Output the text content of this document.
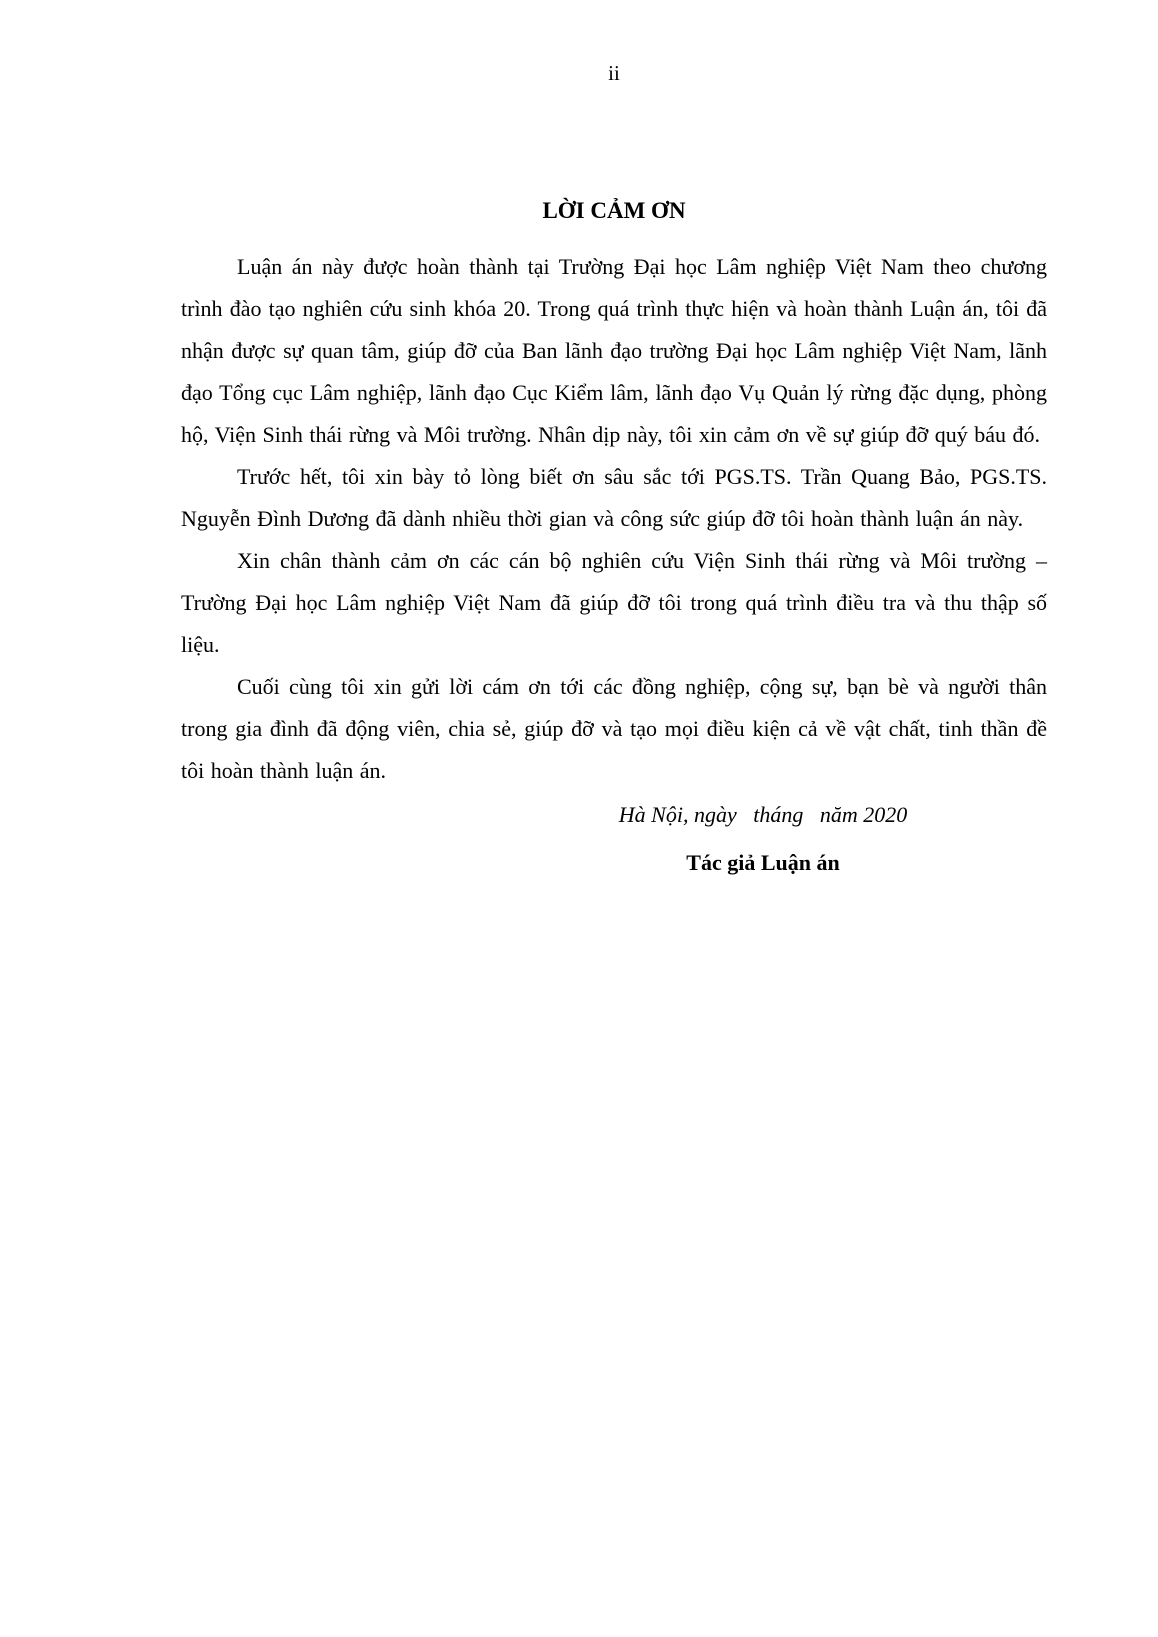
ii
LỜI CẢM ƠN

Luận án này được hoàn thành tại Trường Đại học Lâm nghiệp Việt Nam theo chương trình đào tạo nghiên cứu sinh khóa 20. Trong quá trình thực hiện và hoàn thành Luận án, tôi đã nhận được sự quan tâm, giúp đỡ của Ban lãnh đạo trường Đại học Lâm nghiệp Việt Nam, lãnh đạo Tổng cục Lâm nghiệp, lãnh đạo Cục Kiểm lâm, lãnh đạo Vụ Quản lý rừng đặc dụng, phòng hộ, Viện Sinh thái rừng và Môi trường. Nhân dịp này, tôi xin cảm ơn về sự giúp đỡ quý báu đó.

Trước hết, tôi xin bày tỏ lòng biết ơn sâu sắc tới PGS.TS. Trần Quang Bảo, PGS.TS. Nguyễn Đình Dương đã dành nhiều thời gian và công sức giúp đỡ tôi hoàn thành luận án này.

Xin chân thành cảm ơn các cán bộ nghiên cứu Viện Sinh thái rừng và Môi trường – Trường Đại học Lâm nghiệp Việt Nam đã giúp đỡ tôi trong quá trình điều tra và thu thập số liệu.

Cuối cùng tôi xin gửi lời cám ơn tới các đồng nghiệp, cộng sự, bạn bè và người thân trong gia đình đã động viên, chia sẻ, giúp đỡ và tạo mọi điều kiện cả về vật chất, tinh thần đề tôi hoàn thành luận án.

Hà Nội, ngày   tháng   năm 2020
Tác giả Luận án
